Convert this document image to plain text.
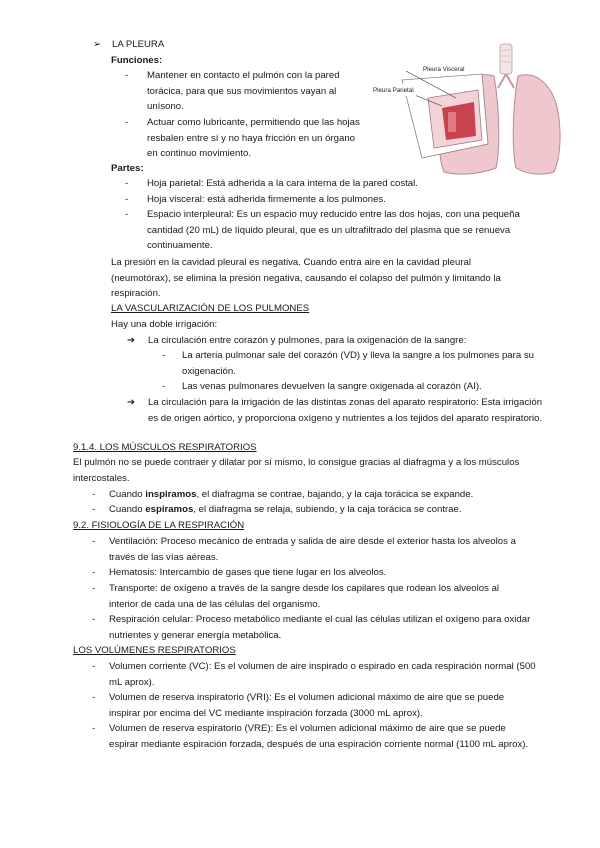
➢ LA PLEURA
Funciones:
- Mantener en contacto el pulmón con la pared torácica, para que sus movimientos vayan al unísono.
- Actuar como lubricante, permitiendo que las hojas resbalen entre sí y no haya fricción en un órgano en continuo movimiento.
Pleura Visceral
Pleura Parietal
Partes:
- Hoja parietal: Está adherida a la cara interna de la pared costal.
- Hoja visceral: está adherida firmemente a los pulmones.
- Espacio interpleural: Es un espacio muy reducido entre las dos hojas, con una pequeña cantidad (20 mL) de líquido pleural, que es un ultrafiltrado del plasma que se renueva continuamente.
La presión en la cavidad pleural es negativa. Cuando entra aire en la cavidad pleural (neumotórax), se elimina la presión negativa, causando el colapso del pulmón y limitando la respiración.
LA VASCULARIZACIÓN DE LOS PULMONES
Hay una doble irrigación:
➔ La circulación entre corazón y pulmones, para la oxigenación de la sangre:
- La arteria pulmonar sale del corazón (VD) y lleva la sangre a los pulmones para su oxigenación.
- Las venas pulmonares devuelven la sangre oxigenada al corazón (AI).
➔ La circulación para la irrigación de las distintas zonas del aparato respiratorio: Esta irrigación es de origen aórtico, y proporciona oxígeno y nutrientes a los tejidos del aparato respiratorio.
9.1.4. LOS MÚSCULOS RESPIRATORIOS
El pulmón no se puede contraer y dilatar por sí mismo, lo consigue gracias al diafragma y a los músculos intercostales.
- Cuando inspiramos, el diafragma se contrae, bajando, y la caja torácica se expande.
- Cuando espiramos, el diafragma se relaja, subiendo, y la caja torácica se contrae.
9.2. FISIOLOGÍA DE LA RESPIRACIÓN
- Ventilación: Proceso mecánico de entrada y salida de aire desde el exterior hasta los alveolos a través de las vías aéreas.
- Hematosis: Intercambio de gases que tiene lugar en los alveolos.
- Transporte: de oxígeno a través de la sangre desde los capilares que rodean los alveolos al interior de cada una de las células del organismo.
- Respiración celular: Proceso metabólico mediante el cual las células utilizan el oxígeno para oxidar nutrientes y generar energía metabólica.
LOS VOLÚMENES RESPIRATORIOS
- Volumen corriente (VC): Es el volumen de aire inspirado o espirado en cada respiración normal (500 mL aprox).
- Volumen de reserva inspiratorio (VRI): Es el volumen adicional máximo de aire que se puede inspirar por encima del VC mediante inspiración forzada (3000 mL aprox).
- Volumen de reserva espiratorio (VRE): Es el volumen adicional máximo de aire que se puede espirar mediante espiración forzada, después de una espiración corriente normal (1100 mL aprox).
